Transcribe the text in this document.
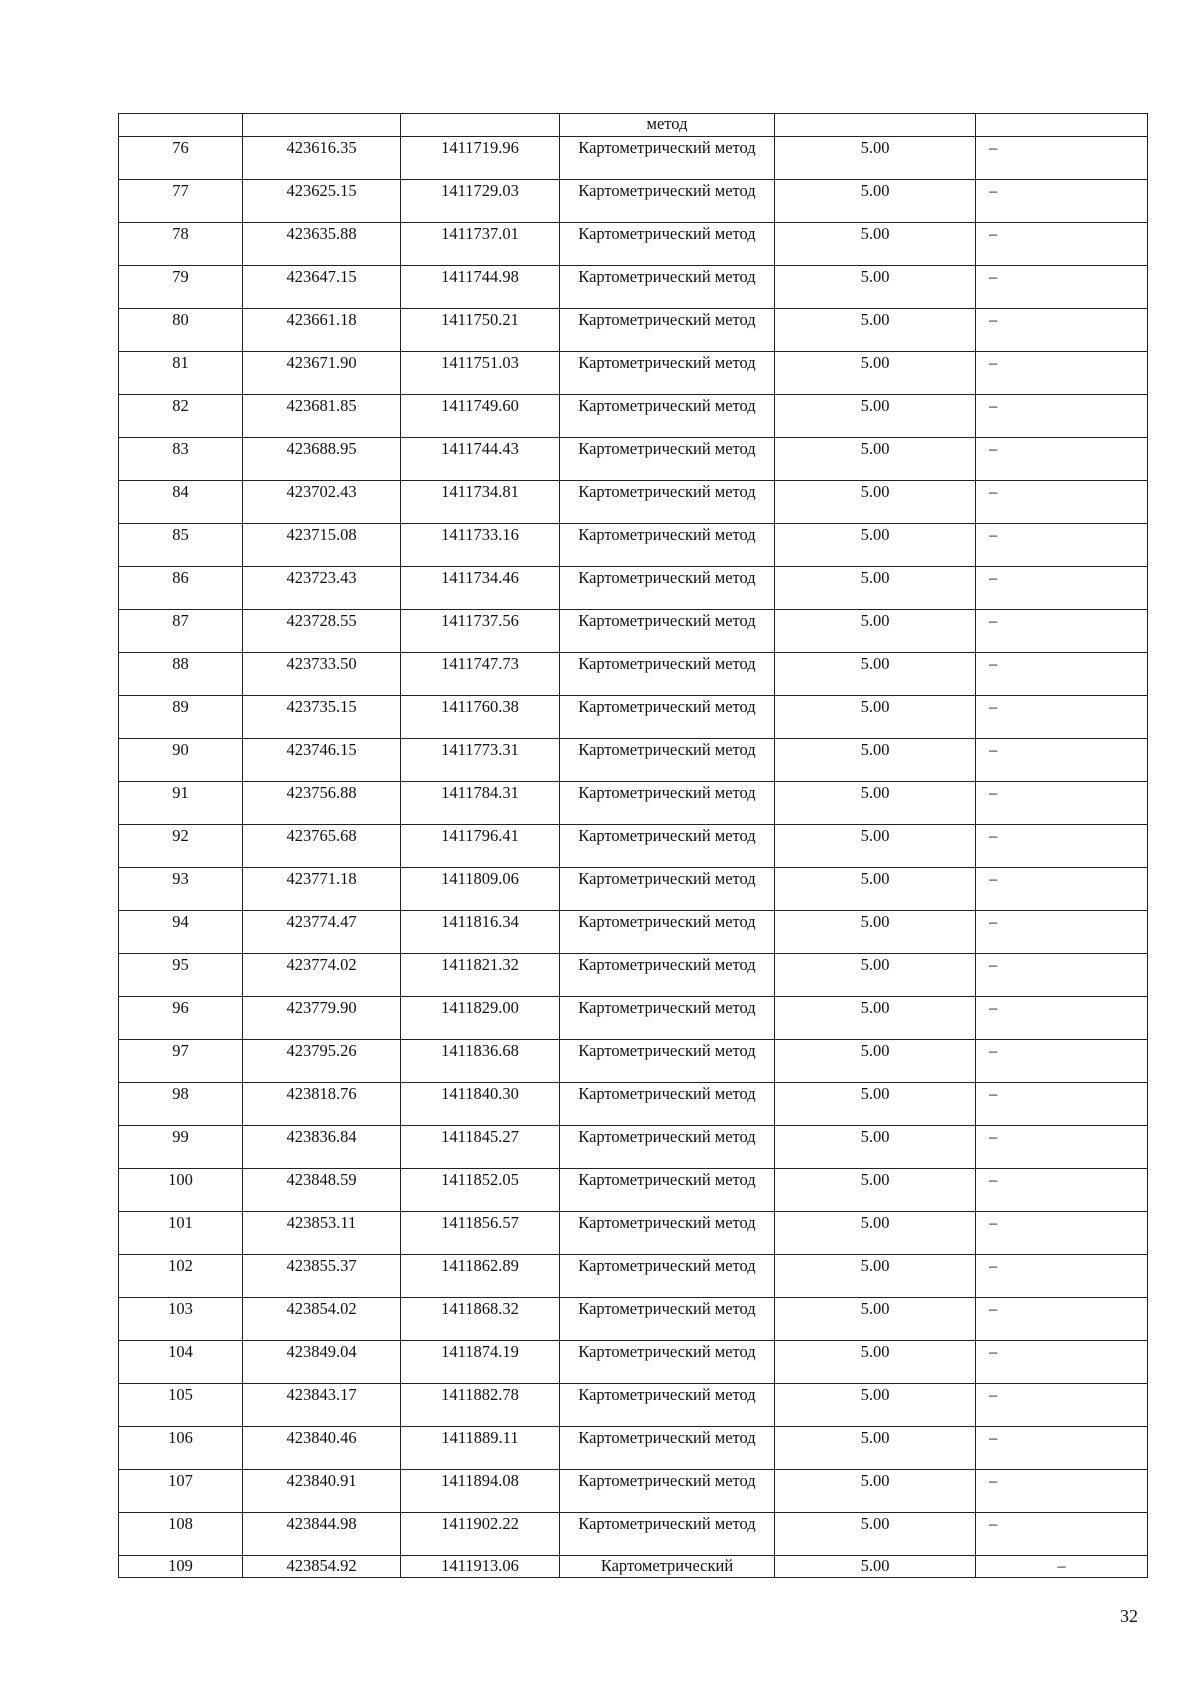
			метод		
76	423616.35	1411719.96	Картометрический метод	5.00	–
77	423625.15	1411729.03	Картометрический метод	5.00	–
78	423635.88	1411737.01	Картометрический метод	5.00	–
79	423647.15	1411744.98	Картометрический метод	5.00	–
80	423661.18	1411750.21	Картометрический метод	5.00	–
81	423671.90	1411751.03	Картометрический метод	5.00	–
82	423681.85	1411749.60	Картометрический метод	5.00	–
83	423688.95	1411744.43	Картометрический метод	5.00	–
84	423702.43	1411734.81	Картометрический метод	5.00	–
85	423715.08	1411733.16	Картометрический метод	5.00	–
86	423723.43	1411734.46	Картометрический метод	5.00	–
87	423728.55	1411737.56	Картометрический метод	5.00	–
88	423733.50	1411747.73	Картометрический метод	5.00	–
89	423735.15	1411760.38	Картометрический метод	5.00	–
90	423746.15	1411773.31	Картометрический метод	5.00	–
91	423756.88	1411784.31	Картометрический метод	5.00	–
92	423765.68	1411796.41	Картометрический метод	5.00	–
93	423771.18	1411809.06	Картометрический метод	5.00	–
94	423774.47	1411816.34	Картометрический метод	5.00	–
95	423774.02	1411821.32	Картометрический метод	5.00	–
96	423779.90	1411829.00	Картометрический метод	5.00	–
97	423795.26	1411836.68	Картометрический метод	5.00	–
98	423818.76	1411840.30	Картометрический метод	5.00	–
99	423836.84	1411845.27	Картометрический метод	5.00	–
100	423848.59	1411852.05	Картометрический метод	5.00	–
101	423853.11	1411856.57	Картометрический метод	5.00	–
102	423855.37	1411862.89	Картометрический метод	5.00	–
103	423854.02	1411868.32	Картометрический метод	5.00	–
104	423849.04	1411874.19	Картометрический метод	5.00	–
105	423843.17	1411882.78	Картометрический метод	5.00	–
106	423840.46	1411889.11	Картометрический метод	5.00	–
107	423840.91	1411894.08	Картометрический метод	5.00	–
108	423844.98	1411902.22	Картометрический метод	5.00	–
109	423854.92	1411913.06	Картометрический	5.00	–
32
